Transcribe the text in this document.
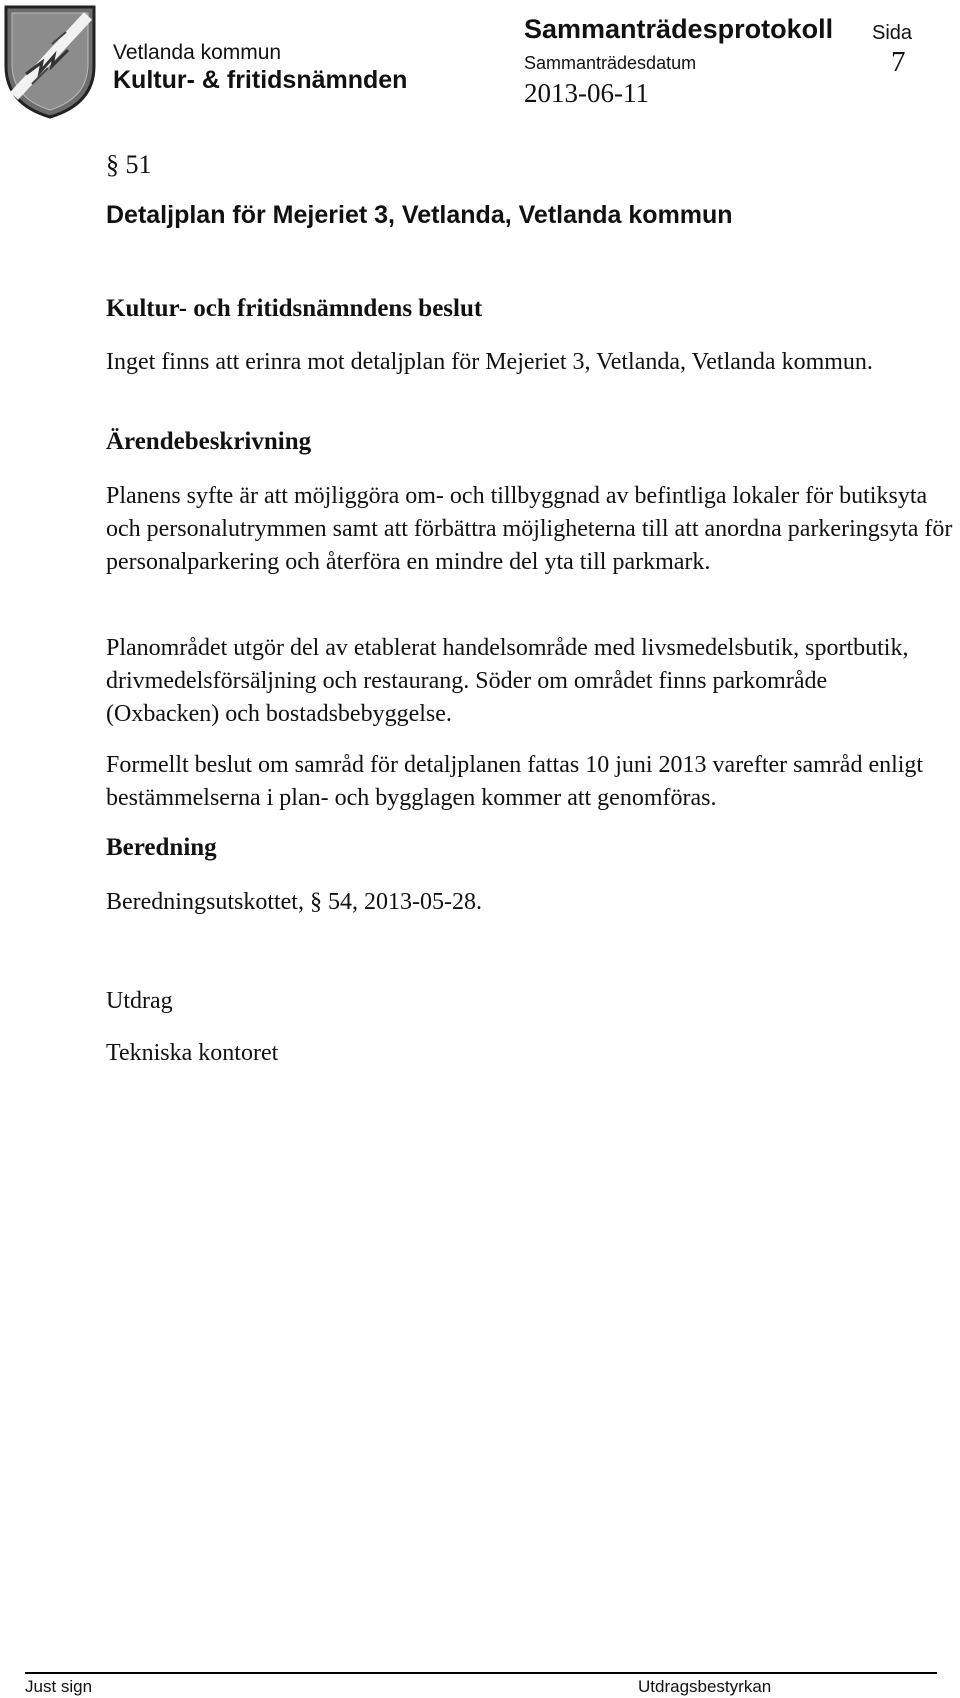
Vetlanda kommun
Kultur- & fritidsnämnden
Sammanträdesprotokoll
Sammanträdesdatum
2013-06-11
Sida
7
§ 51
Detaljplan för Mejeriet 3, Vetlanda, Vetlanda kommun
Kultur- och fritidsnämndens beslut

Inget finns att erinra mot detaljplan för Mejeriet 3, Vetlanda, Vetlanda kommun.

Ärendebeskrivning

Planens syfte är att möjliggöra om- och tillbyggnad av befintliga lokaler för butiksyta och personalutrymmen samt att förbättra möjligheterna till att anordna parkeringsyta för personalparkering och återföra en mindre del yta till parkmark.

Planområdet utgör del av etablerat handelsområde med livsmedelsbutik, sportbutik, drivmedelsförsäljning och restaurang. Söder om området finns parkområde (Oxbacken) och bostadsbebyggelse.

Formellt beslut om samråd för detaljplanen fattas 10 juni 2013 varefter samråd enligt bestämmelserna i plan- och bygglagen kommer att genomföras.

Beredning

Beredningsutskottet, § 54, 2013-05-28.

Utdrag
Tekniska kontoret
Just sign	Utdragsbestyrkan
